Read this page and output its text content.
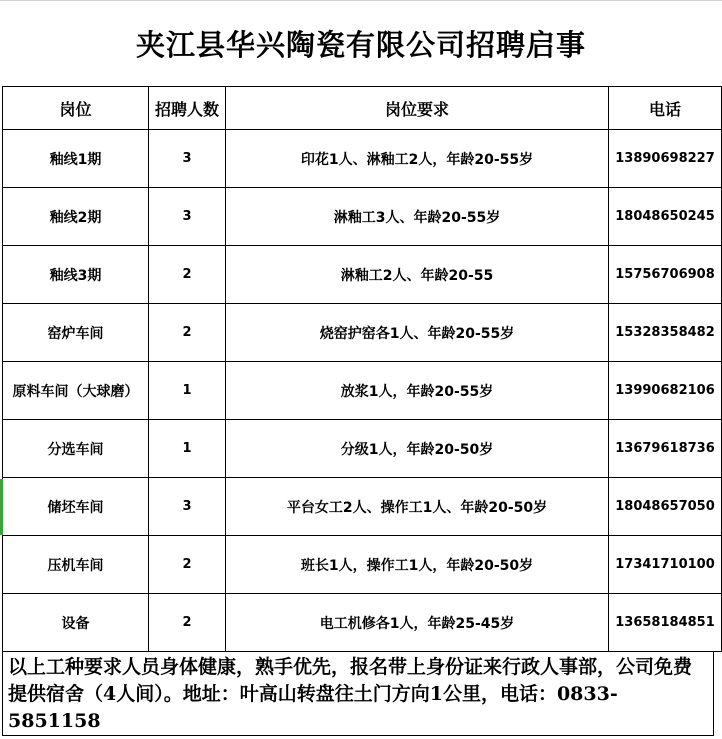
夹江县华兴陶瓷有限公司招聘启事
岗位	招聘人数	岗位要求	电话
釉线1期	3	印花1人、淋釉工2人，年龄20-55岁	13890698227
釉线2期	3	淋釉工3人、年龄20-55岁	18048650245
釉线3期	2	淋釉工2人、年龄20-55	15756706908
窑炉车间	2	烧窑护窑各1人、年龄20-55岁	15328358482
原料车间（大球磨）	1	放浆1人，年龄20-55岁	13990682106
分选车间	1	分级1人，年龄20-50岁	13679618736
储坯车间	3	平台女工2人、操作工1人、年龄20-50岁	18048657050
压机车间	2	班长1人，操作工1人，年龄20-50岁	17341710100
设备	2	电工机修各1人，年龄25-45岁	13658184851
以上工种要求人员身体健康，熟手优先，报名带上身份证来行政人事部，公司免费提供宿舍（4人间）。地址：叶高山转盘往土门方向1公里，电话：0833-5851158
